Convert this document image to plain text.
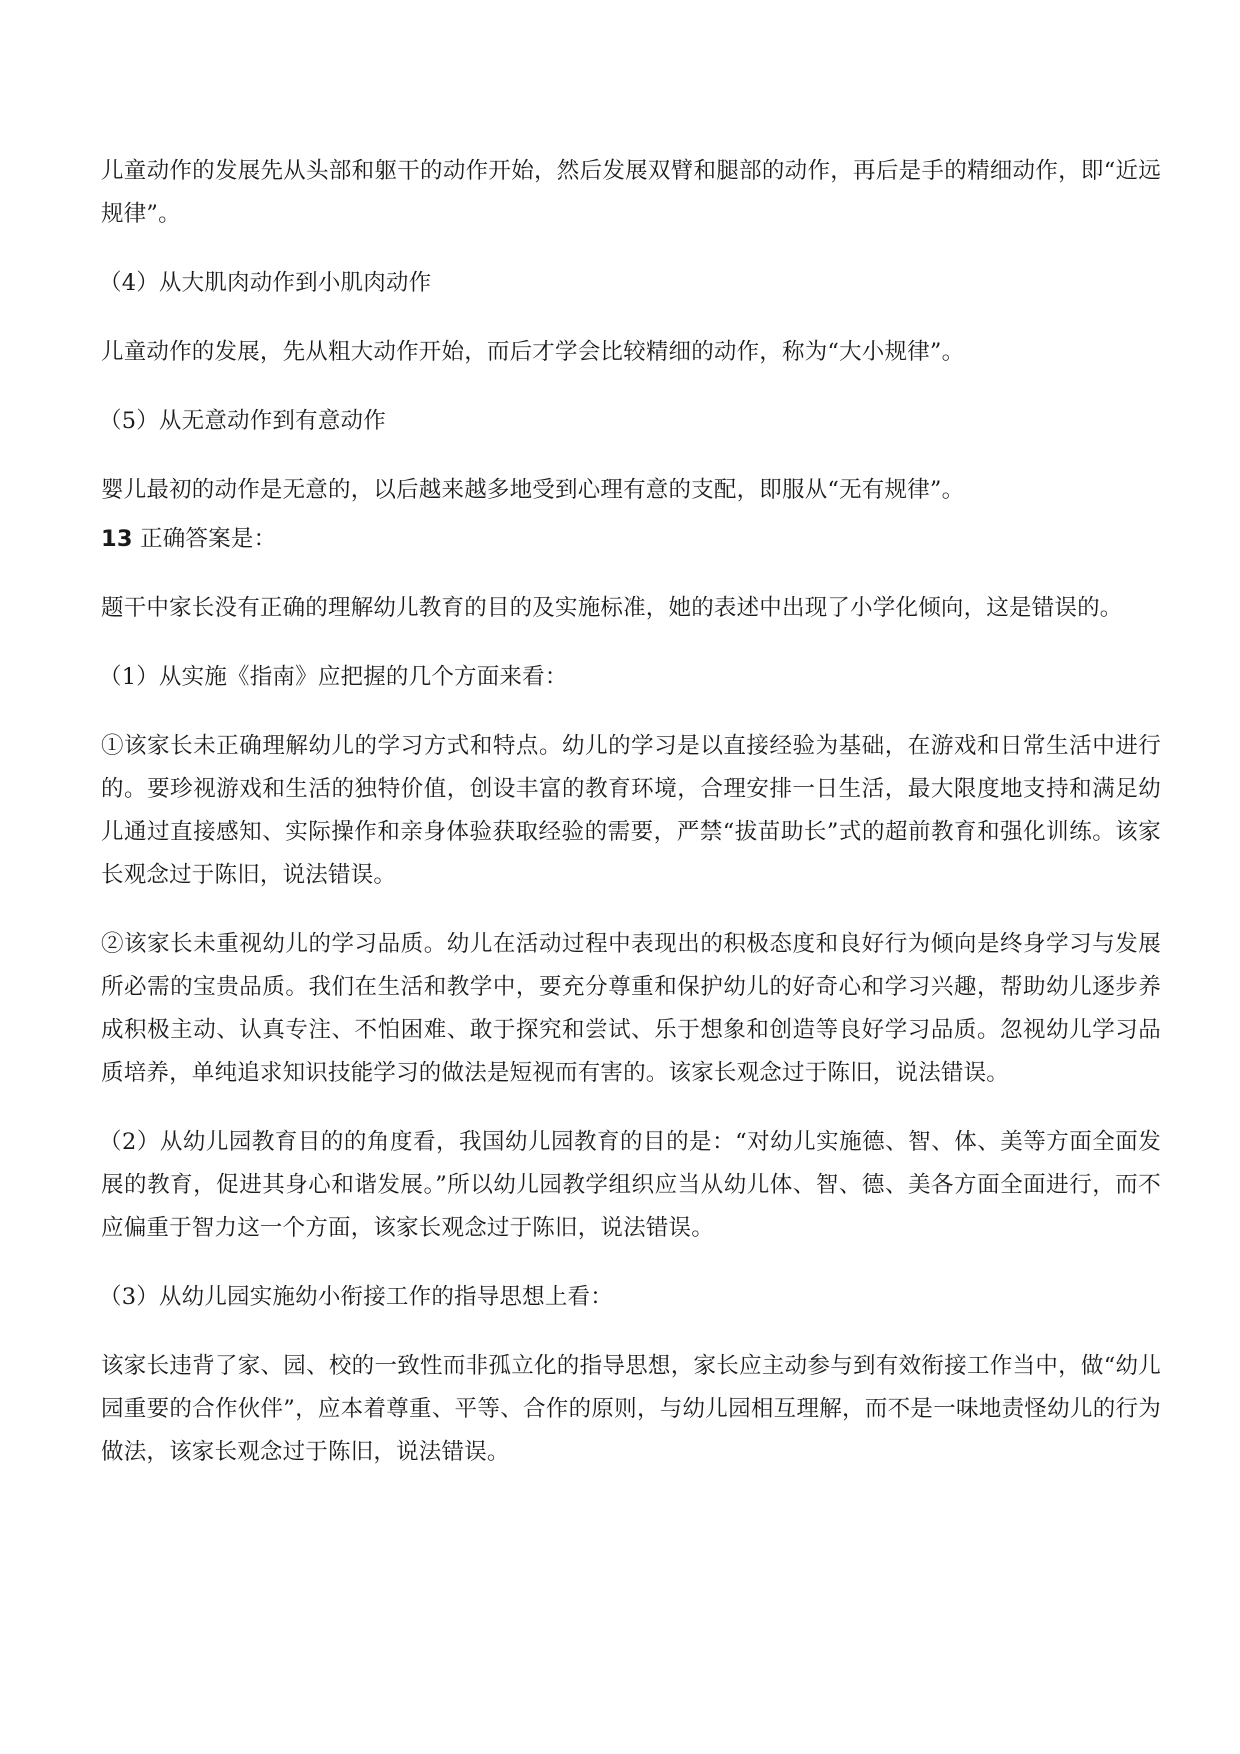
儿童动作的发展先从头部和躯干的动作开始，然后发展双臂和腿部的动作，再后是手的精细动作，即“近远规律”。

（4）从大肌肉动作到小肌肉动作

儿童动作的发展，先从粗大动作开始，而后才学会比较精细的动作，称为“大小规律”。

（5）从无意动作到有意动作

婴儿最初的动作是无意的，以后越来越多地受到心理有意的支配，即服从“无有规律”。

13 正确答案是：

题干中家长没有正确的理解幼儿教育的目的及实施标准，她的表述中出现了小学化倾向，这是错误的。

（1）从实施《指南》应把握的几个方面来看：

①该家长未正确理解幼儿的学习方式和特点。幼儿的学习是以直接经验为基础，在游戏和日常生活中进行的。要珍视游戏和生活的独特价值，创设丰富的教育环境，合理安排一日生活，最大限度地支持和满足幼儿通过直接感知、实际操作和亲身体验获取经验的需要，严禁“拔苗助长”式的超前教育和强化训练。该家长观念过于陈旧，说法错误。

②该家长未重视幼儿的学习品质。幼儿在活动过程中表现出的积极态度和良好行为倾向是终身学习与发展所必需的宝贵品质。我们在生活和教学中，要充分尊重和保护幼儿的好奇心和学习兴趣，帮助幼儿逐步养成积极主动、认真专注、不怕困难、敢于探究和尝试、乐于想象和创造等良好学习品质。忽视幼儿学习品质培养，单纯追求知识技能学习的做法是短视而有害的。该家长观念过于陈旧，说法错误。

（2）从幼儿园教育目的的角度看，我国幼儿园教育的目的是：“对幼儿实施德、智、体、美等方面全面发展的教育，促进其身心和谐发展。”所以幼儿园教学组织应当从幼儿体、智、德、美各方面全面进行，而不应偏重于智力这一个方面，该家长观念过于陈旧，说法错误。

（3）从幼儿园实施幼小衔接工作的指导思想上看：

该家长违背了家、园、校的一致性而非孤立化的指导思想，家长应主动参与到有效衔接工作当中，做“幼儿园重要的合作伙伴”，应本着尊重、平等、合作的原则，与幼儿园相互理解，而不是一味地责怪幼儿的行为做法，该家长观念过于陈旧，说法错误。
